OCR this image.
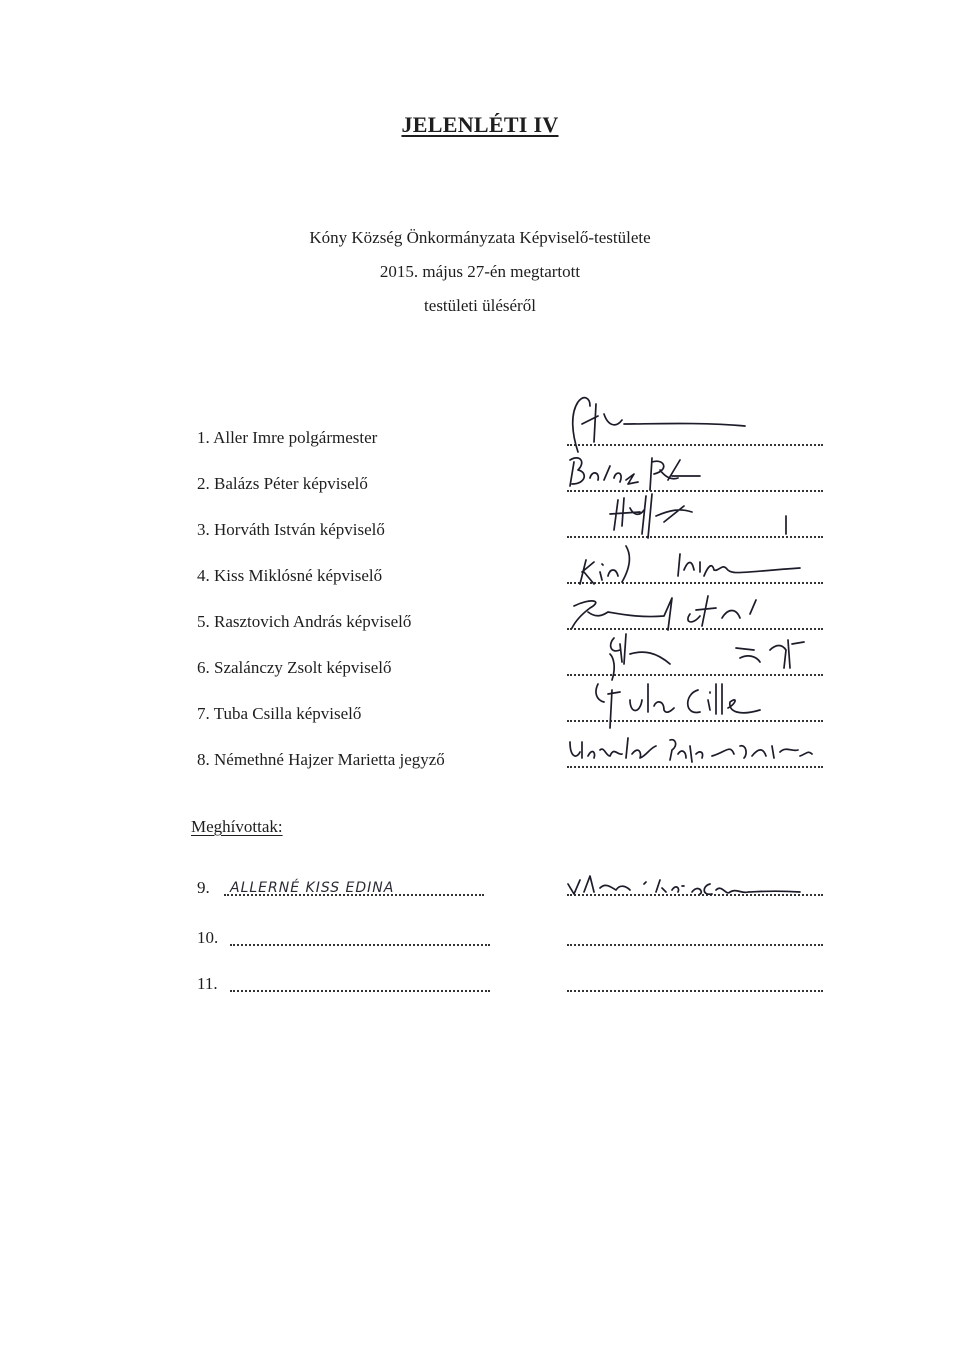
JELENLÉTI IV
Kóny Község Önkormányzata Képviselő-testülete
2015. május 27-én megtartott
testületi üléséről
1. Aller Imre polgármester
2. Balázs Péter képviselő
3. Horváth István képviselő
4. Kiss Miklósné képviselő
5. Rasztovich András képviselő
6. Szalánczy Zsolt képviselő
7. Tuba Csilla képviselő
8. Némethné Hajzer Marietta jegyző
Meghívottak:
9. ALLERNÉ KISS EDINA
10.
11.
